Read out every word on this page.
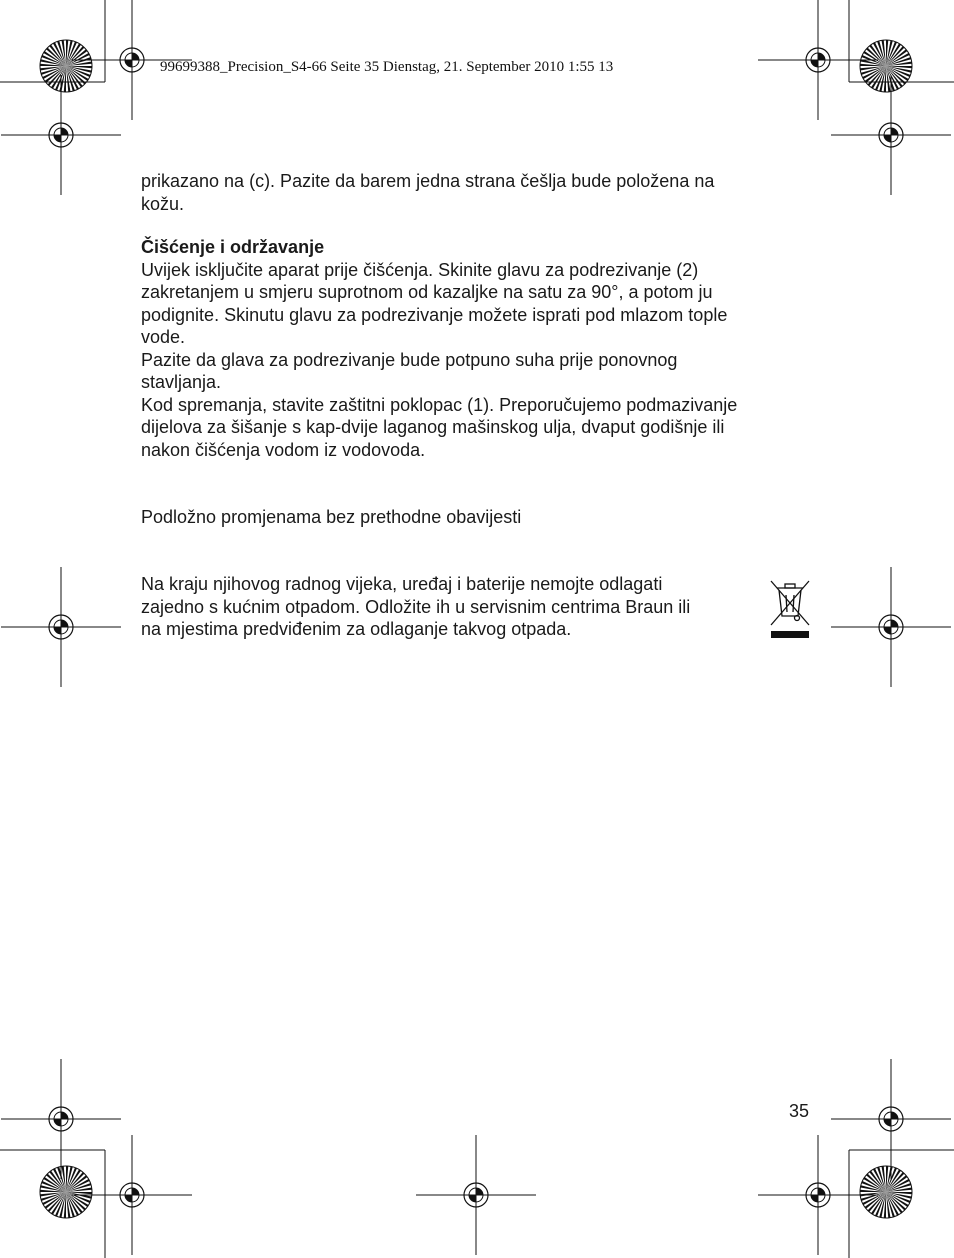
99699388_Precision_S4-66 Seite 35 Dienstag, 21. September 2010 1:55 13

prikazano na (c). Pazite da barem jedna strana češlja bude položena na

kožu.

Čišćenje i održavanje

Uvijek isključite aparat prije čišćenja. Skinite glavu za podrezivanje (2)

zakretanjem u smjeru suprotnom od kazaljke na satu za 90°, a potom ju

podignite. Skinutu glavu za podrezivanje možete isprati pod mlazom tople

vode.

Pazite da glava za podrezivanje bude potpuno suha prije ponovnog

stavljanja.

Kod spremanja, stavite zaštitni poklopac (1). Preporučujemo podmazivanje

dijelova za šišanje s kap-dvije laganog mašinskog ulja, dvaput godišnje ili

nakon čišćenja vodom iz vodovoda.

Podložno promjenama bez prethodne obavijesti

Na kraju njihovog radnog vijeka, uređaj i baterije nemojte odlagati

zajedno s kućnim otpadom. Odložite ih u servisnim centrima Braun ili

na mjestima predviđenim za odlaganje takvog otpada.

35
